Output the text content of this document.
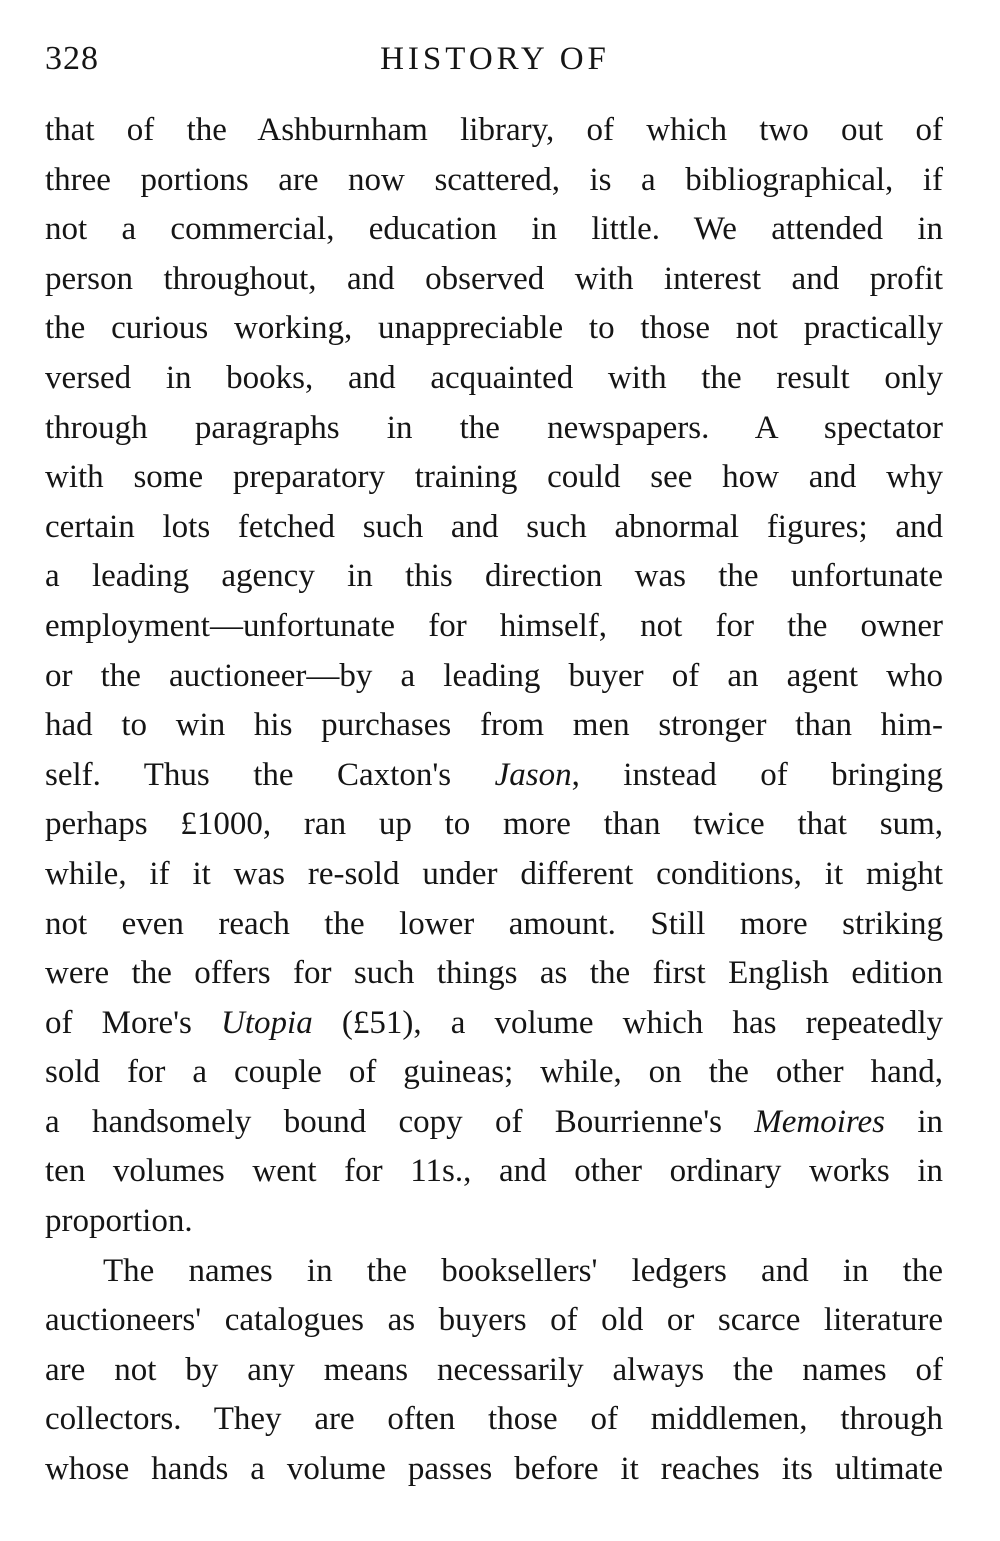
328	HISTORY OF
that of the Ashburnham library, of which two out of
three portions are now scattered, is a bibliographical, if
not a commercial, education in little. We attended in
person throughout, and observed with interest and profit
the curious working, unappreciable to those not practically
versed in books, and acquainted with the result only
through paragraphs in the newspapers. A spectator
with some preparatory training could see how and why
certain lots fetched such and such abnormal figures; and
a leading agency in this direction was the unfortunate
employment—unfortunate for himself, not for the owner
or the auctioneer—by a leading buyer of an agent who
had to win his purchases from men stronger than him-
self. Thus the Caxton's Jason, instead of bringing
perhaps £1000, ran up to more than twice that sum,
while, if it was re-sold under different conditions, it might
not even reach the lower amount. Still more striking
were the offers for such things as the first English edition
of More's Utopia (£51), a volume which has repeatedly
sold for a couple of guineas; while, on the other hand,
a handsomely bound copy of Bourrienne's Memoires in
ten volumes went for 11s., and other ordinary works in
proportion.
The names in the booksellers' ledgers and in the
auctioneers' catalogues as buyers of old or scarce literature
are not by any means necessarily always the names of
collectors. They are often those of middlemen, through
whose hands a volume passes before it reaches its ultimate
